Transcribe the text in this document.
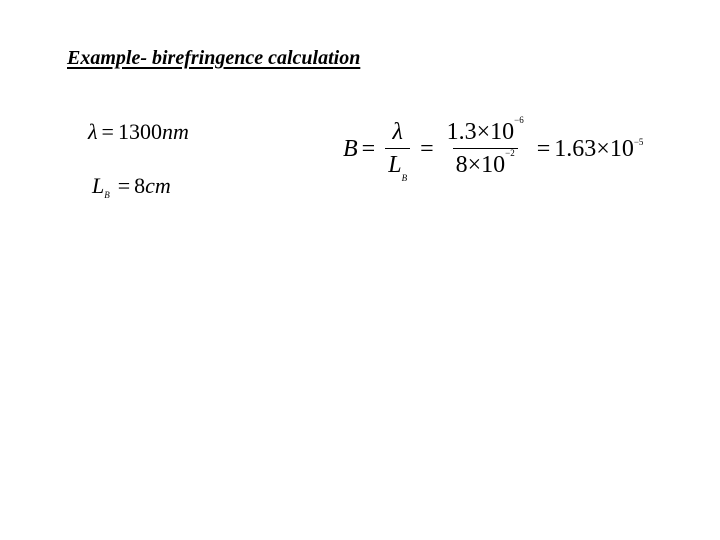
Example- birefringence calculation
λ = 1300nm
$L_B = 8cm$
$B = \frac{\lambda}{L_B} = \frac{1.3\times 10^{-6}}{8\times 10^{-2}} = 1.63\times 10 -5$
